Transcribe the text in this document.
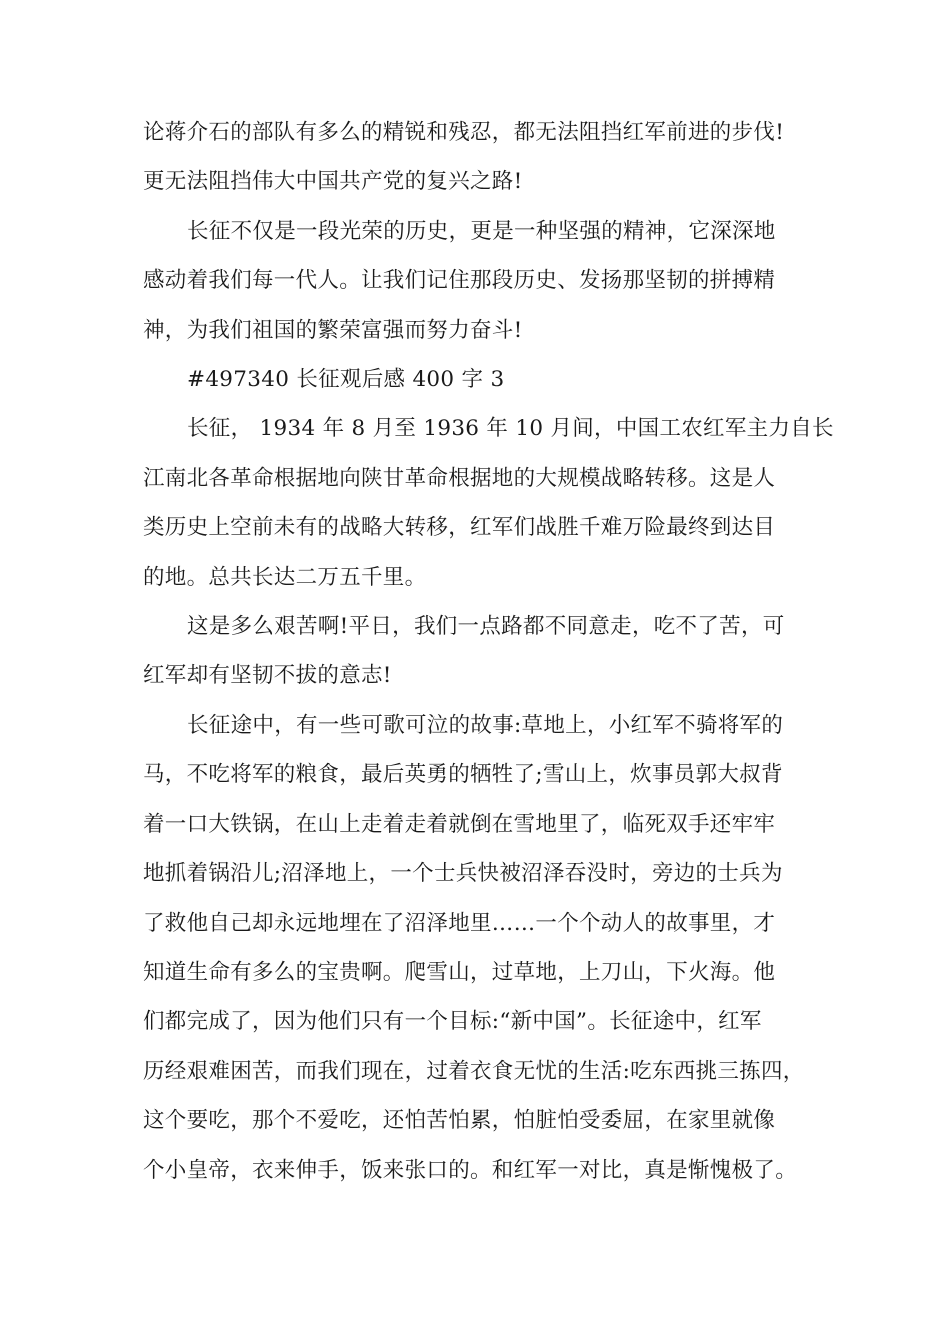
论蒋介石的部队有多么的精锐和残忍，都无法阻挡红军前进的步伐!
更无法阻挡伟大中国共产党的复兴之路!
长征不仅是一段光荣的历史，更是一种坚强的精神，它深深地
感动着我们每一代人。让我们记住那段历史、发扬那坚韧的拼搏精
神，为我们祖国的繁荣富强而努力奋斗!
#497340 长征观后感 400 字 3
长征， 1934 年 8 月至 1936 年 10 月间，中国工农红军主力自长
江南北各革命根据地向陕甘革命根据地的大规模战略转移。这是人
类历史上空前未有的战略大转移，红军们战胜千难万险最终到达目
的地。总共长达二万五千里。
这是多么艰苦啊!平日，我们一点路都不同意走，吃不了苦，可
红军却有坚韧不拔的意志!
长征途中，有一些可歌可泣的故事:草地上，小红军不骑将军的
马，不吃将军的粮食，最后英勇的牺牲了;雪山上，炊事员郭大叔背
着一口大铁锅，在山上走着走着就倒在雪地里了，临死双手还牢牢
地抓着锅沿儿;沼泽地上，一个士兵快被沼泽吞没时，旁边的士兵为
了救他自己却永远地埋在了沼泽地里……一个个动人的故事里，才
知道生命有多么的宝贵啊。爬雪山，过草地，上刀山，下火海。他
们都完成了，因为他们只有一个目标:“新中国”。长征途中，红军
历经艰难困苦，而我们现在，过着衣食无忧的生活:吃东西挑三拣四，
这个要吃，那个不爱吃，还怕苦怕累，怕脏怕受委屈，在家里就像
个小皇帝，衣来伸手，饭来张口的。和红军一对比，真是惭愧极了。
